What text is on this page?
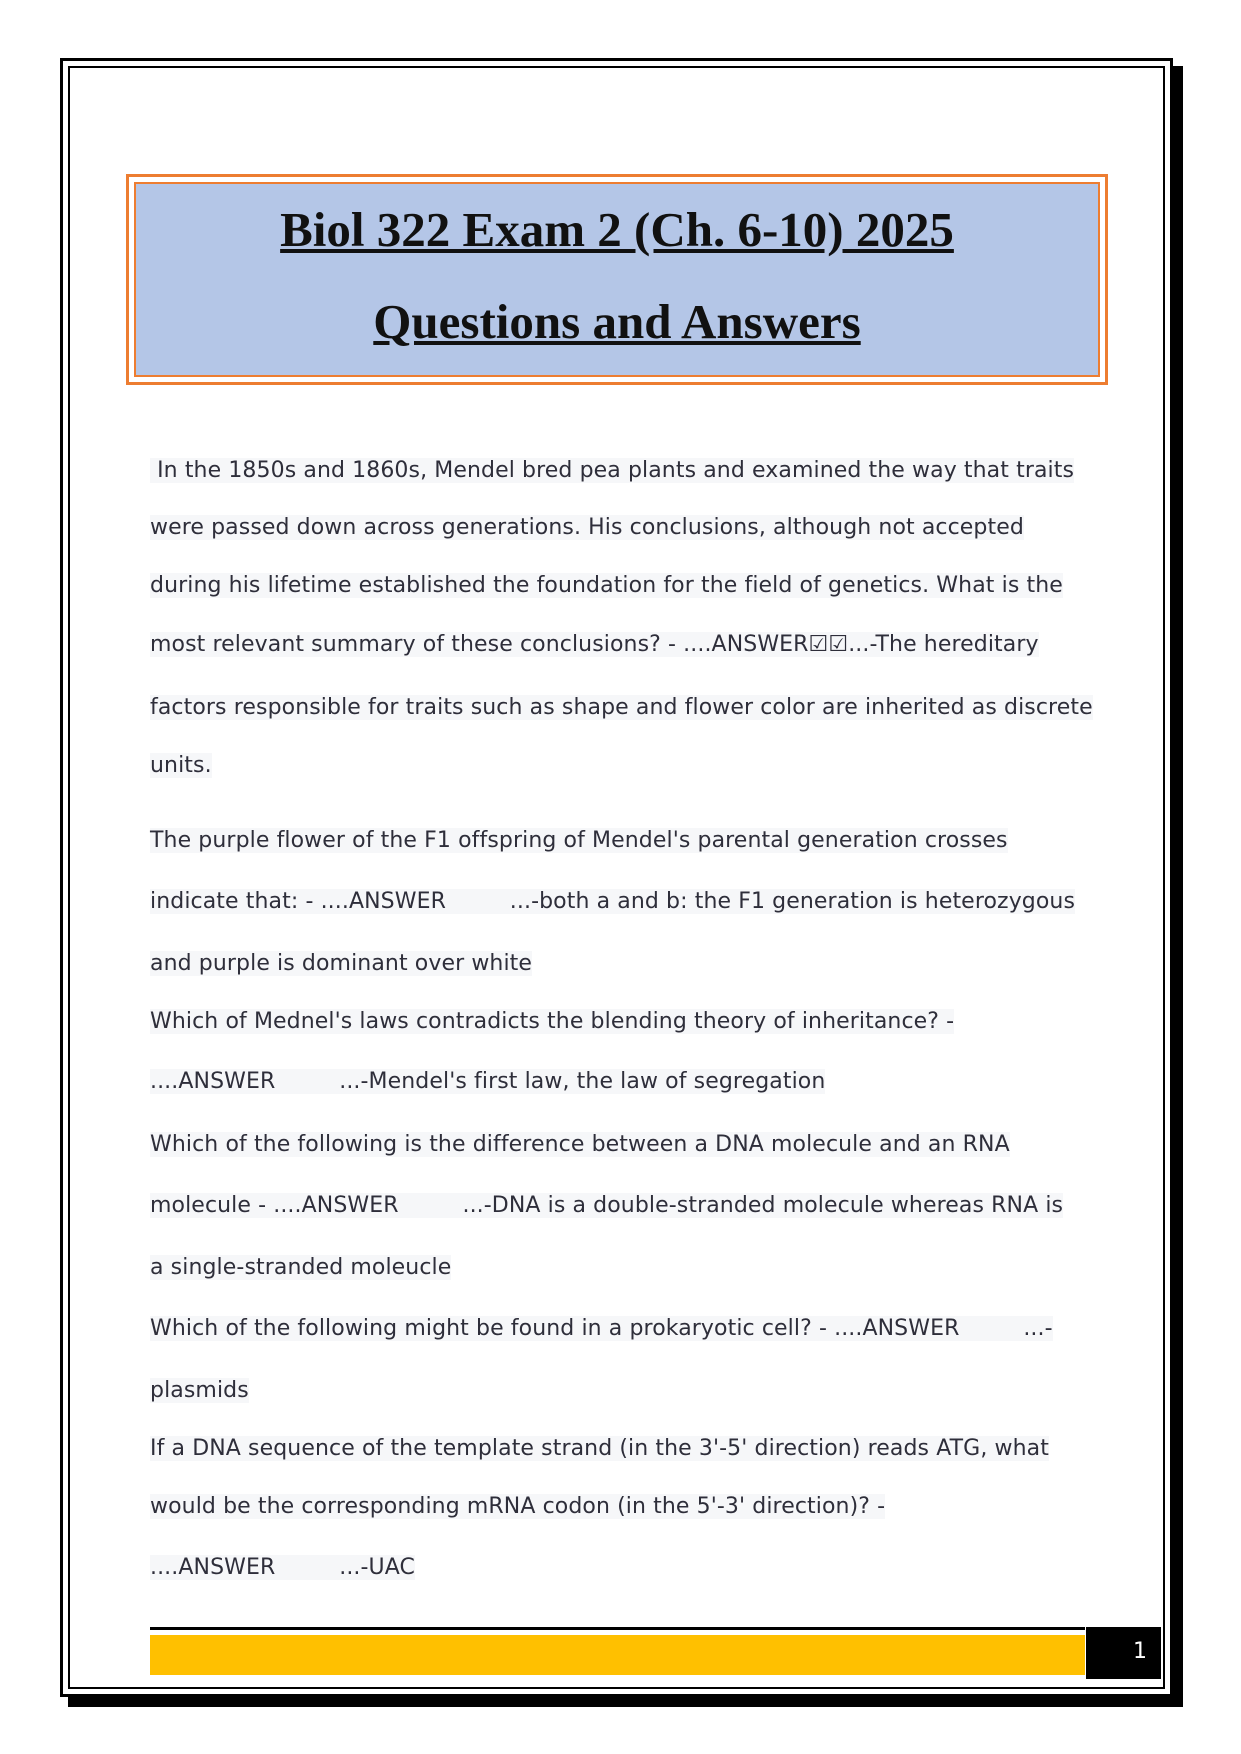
Biol 322 Exam 2 (Ch. 6-10) 2025
Questions and Answers
In the 1850s and 1860s, Mendel bred pea plants and examined the way that traits
were passed down across generations. His conclusions, although not accepted
during his lifetime established the foundation for the field of genetics. What is the
most relevant summary of these conclusions? - ....ANSWER☑☑...-The hereditary
factors responsible for traits such as shape and flower color are inherited as discrete
units.
The purple flower of the F1 offspring of Mendel's parental generation crosses
indicate that: - ....ANSWER         ...-both a and b: the F1 generation is heterozygous
and purple is dominant over white
Which of Mednel's laws contradicts the blending theory of inheritance? -
....ANSWER         ...-Mendel's first law, the law of segregation
Which of the following is the difference between a DNA molecule and an RNA
molecule - ....ANSWER         ...-DNA is a double-stranded molecule whereas RNA is
a single-stranded moleucle
Which of the following might be found in a prokaryotic cell? - ....ANSWER         ...-
plasmids
If a DNA sequence of the template strand (in the 3'-5' direction) reads ATG, what
would be the corresponding mRNA codon (in the 5'-3' direction)? -
....ANSWER         ...-UAC
1
